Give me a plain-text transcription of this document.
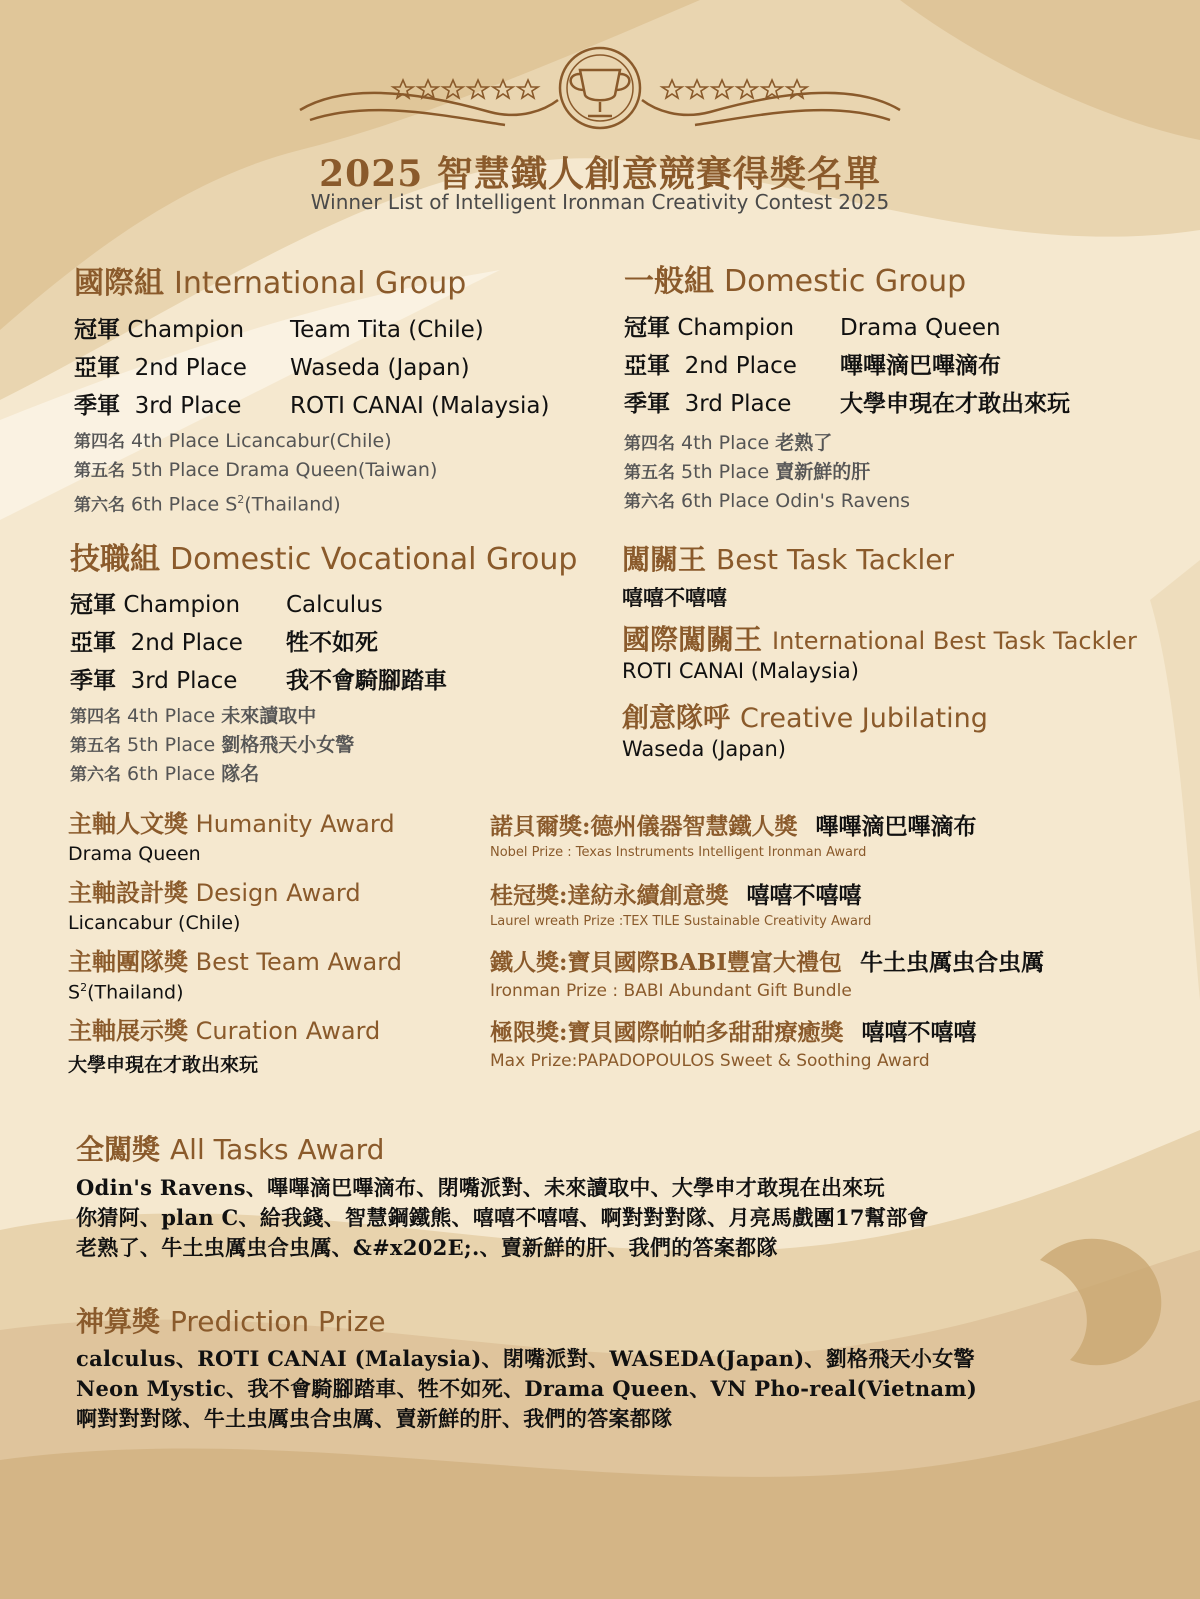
2025 智慧鐵人創意競賽得獎名單
Winner List of Intelligent Ironman Creativity Contest 2025
國際組 International Group
冠軍 Champion Team Tita (Chile)
亞軍 2nd Place Waseda (Japan)
季軍 3rd Place ROTI CANAI (Malaysia)
第四名 4th Place Licancabur(Chile)
第五名 5th Place Drama Queen(Taiwan)
第六名 6th Place $S^2(Thailand)$
一般組 Domestic Group
冠軍 Champion Drama Queen
亞軍 2nd Place 嗶嗶滴巴嗶滴布
季軍 3rd Place 大學申現在才敢出來玩
第四名 4th Place 老熟了
第五名 5th Place 賣新鮮的肝
第六名 6th Place Odin's Ravens
技職組 Domestic Vocational Group
冠軍 Champion Calculus
亞軍 2nd Place 牲不如死
季軍 3rd Place 我不會騎腳踏車
第四名 4th Place 未來讀取中
第五名 5th Place 劉格飛天小女警
第六名 6th Place 隊名
闖關王 Best Task Tackler
嘻嘻不嘻嘻
國際闖關王 International Best Task Tackler
ROTI CANAI (Malaysia)
創意隊呼 Creative Jubilating
Waseda (Japan)
主軸人文獎 Humanity Award
Drama Queen
主軸設計獎 Design Award
Licancabur (Chile)
主軸團隊獎 Best Team Award
$S^2(Thailand)$
主軸展示獎 Curation Award
大學申現在才敢出來玩
諾貝爾獎:德州儀器智慧鐵人獎 嗶嗶滴巴嗶滴布
Nobel Prize : Texas Instruments Intelligent Ironman Award
桂冠獎:達紡永續創意獎 嘻嘻不嘻嘻
Laurel wreath Prize :TEX TILE Sustainable Creativity Award
鐵人獎:寶貝國際BABI豐富大禮包 牛土虫厲虫合虫厲
Ironman Prize : BABI Abundant Gift Bundle
極限獎:寶貝國際帕帕多甜甜療癒獎 嘻嘻不嘻嘻
Max Prize:PAPADOPOULOS Sweet & Soothing Award
全闖獎 All Tasks Award
Odin's Ravens、嗶嗶滴巴嗶滴布、閉嘴派對、未來讀取中、大學申才敢現在出來玩
你猜阿、plan C、給我錢、智慧鋼鐵熊、嘻嘻不嘻嘻、啊對對對隊、月亮馬戲團17幫部會
老熟了、牛土虫厲虫合虫厲、&#x202E;.、賣新鮮的肝、我們的答案都隊
神算獎 Prediction Prize
calculus、ROTI CANAI (Malaysia)、閉嘴派對、WASEDA(Japan)、劉格飛天小女警
Neon Mystic、我不會騎腳踏車、牲不如死、Drama Queen、VN Pho-real(Vietnam)
啊對對對隊、牛土虫厲虫合虫厲、賣新鮮的肝、我們的答案都隊
